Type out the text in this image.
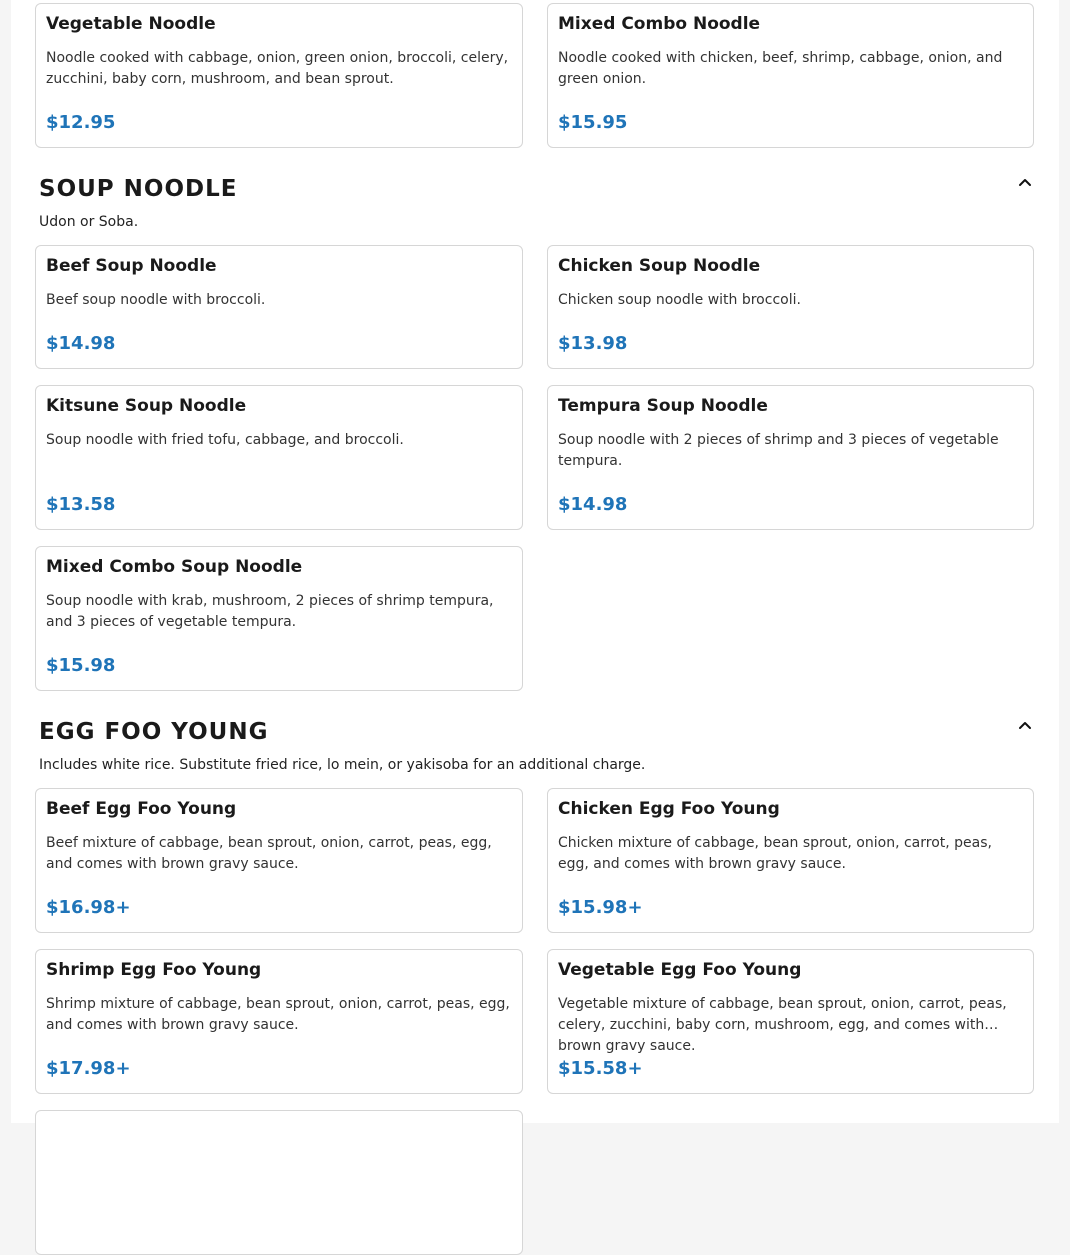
Vegetable Noodle
Noodle cooked with cabbage, onion, green onion, broccoli, celery, zucchini, baby corn, mushroom, and bean sprout.
$12.95
Mixed Combo Noodle
Noodle cooked with chicken, beef, shrimp, cabbage, onion, and green onion.
$15.95
SOUP NOODLE
Udon or Soba.
Beef Soup Noodle
Beef soup noodle with broccoli.
$14.98
Chicken Soup Noodle
Chicken soup noodle with broccoli.
$13.98
Kitsune Soup Noodle
Soup noodle with fried tofu, cabbage, and broccoli.
$13.58
Tempura Soup Noodle
Soup noodle with 2 pieces of shrimp and 3 pieces of vegetable tempura.
$14.98
Mixed Combo Soup Noodle
Soup noodle with krab, mushroom, 2 pieces of shrimp tempura, and 3 pieces of vegetable tempura.
$15.98
EGG FOO YOUNG
Includes white rice. Substitute fried rice, lo mein, or yakisoba for an additional charge.
Beef Egg Foo Young
Beef mixture of cabbage, bean sprout, onion, carrot, peas, egg, and comes with brown gravy sauce.
$16.98+
Chicken Egg Foo Young
Chicken mixture of cabbage, bean sprout, onion, carrot, peas, egg, and comes with brown gravy sauce.
$15.98+
Shrimp Egg Foo Young
Shrimp mixture of cabbage, bean sprout, onion, carrot, peas, egg, and comes with brown gravy sauce.
$17.98+
Vegetable Egg Foo Young
Vegetable mixture of cabbage, bean sprout, onion, carrot, peas, celery, zucchini, baby corn, mushroom, egg, and comes with brown gravy sauce.
$15.58+
